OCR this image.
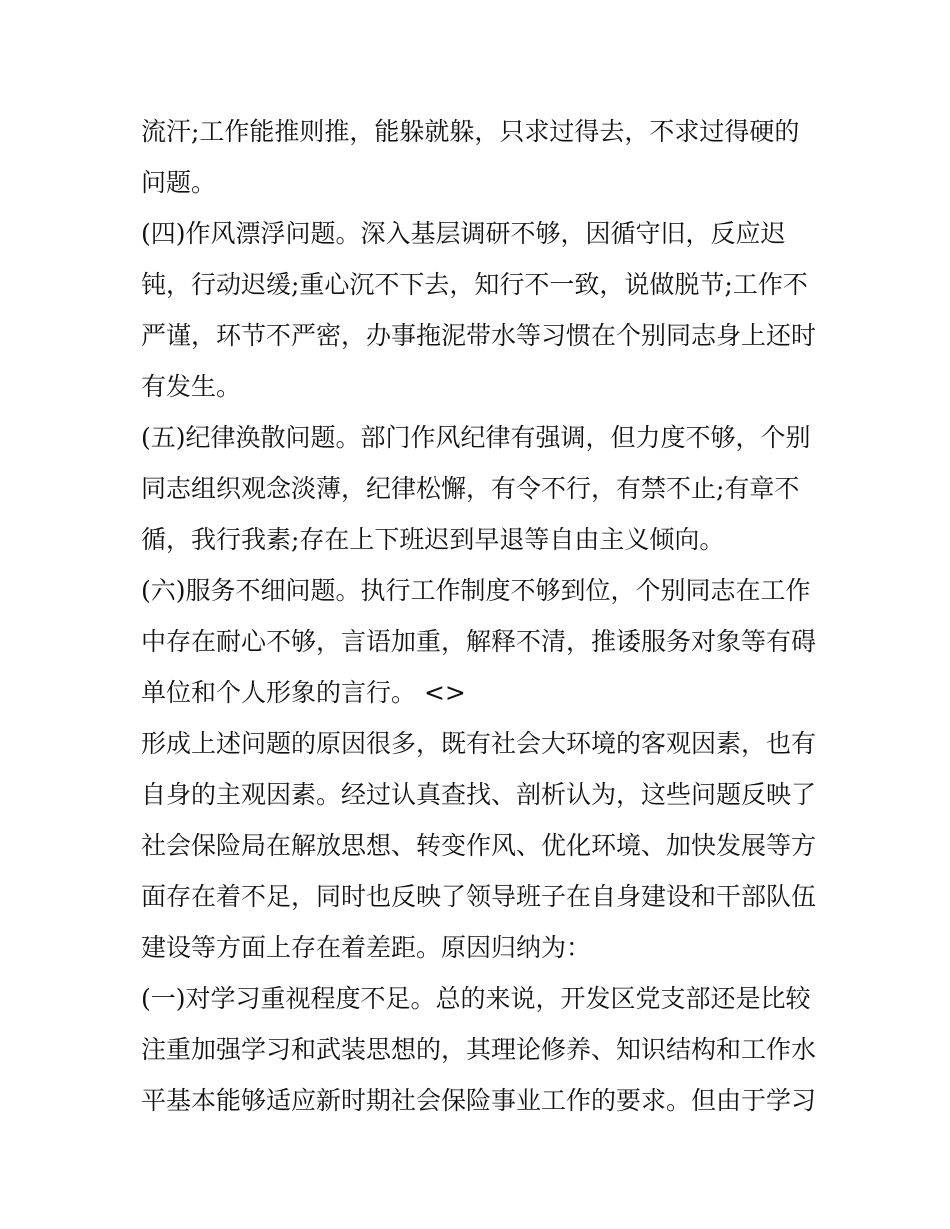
流汗;工作能推则推，能躲就躲，只求过得去，不求过得硬的
问题。
(四)作风漂浮问题。深入基层调研不够，因循守旧，反应迟
钝，行动迟缓;重心沉不下去，知行不一致，说做脱节;工作不
严谨，环节不严密，办事拖泥带水等习惯在个别同志身上还时
有发生。
(五)纪律涣散问题。部门作风纪律有强调，但力度不够，个别
同志组织观念淡薄，纪律松懈，有令不行，有禁不止;有章不
循，我行我素;存在上下班迟到早退等自由主义倾向。
(六)服务不细问题。执行工作制度不够到位，个别同志在工作
中存在耐心不够，言语加重，解释不清，推诿服务对象等有碍
单位和个人形象的言行。 <>
形成上述问题的原因很多，既有社会大环境的客观因素，也有
自身的主观因素。经过认真查找、剖析认为，这些问题反映了
社会保险局在解放思想、转变作风、优化环境、加快发展等方
面存在着不足，同时也反映了领导班子在自身建设和干部队伍
建设等方面上存在着差距。原因归纳为：
(一)对学习重视程度不足。总的来说，开发区党支部还是比较
注重加强学习和武装思想的，其理论修养、知识结构和工作水
平基本能够适应新时期社会保险事业工作的要求。但由于学习
